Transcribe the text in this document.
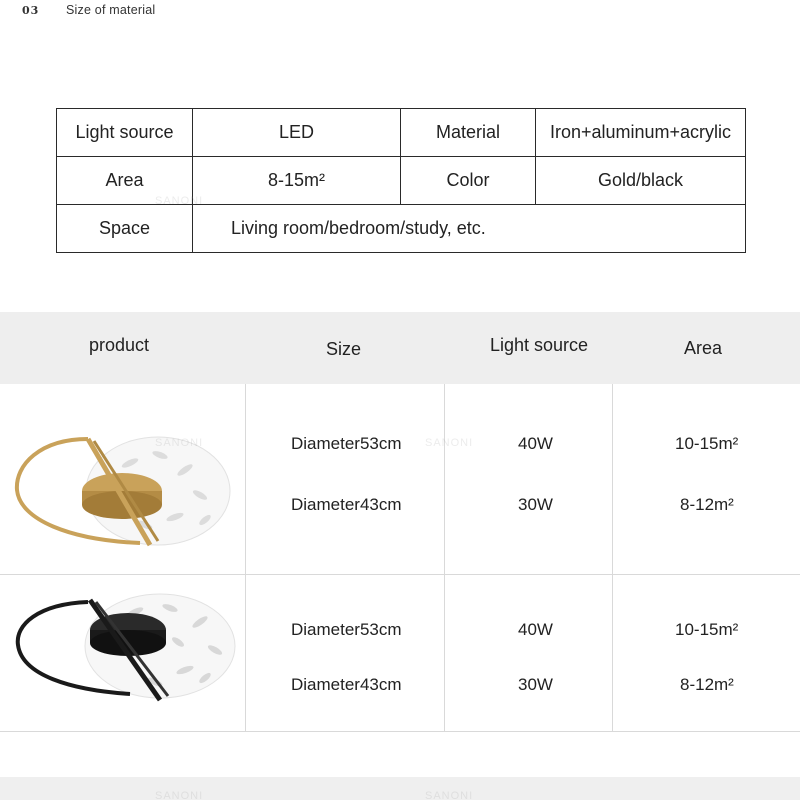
03	Size of material
Light source	LED	Material	Iron+aluminum+acrylic
Area	8-15m²	Color	Gold/black
Space	Living room/bedroom/study, etc.		
product	Size	Light source	Area
Diameter53cm	40W	10-15m²
Diameter43cm	30W	8-12m²
Diameter53cm	40W	10-15m²
Diameter43cm	30W	8-12m²
SANONI
SANONI	SANONI
SANONI	SANONI
